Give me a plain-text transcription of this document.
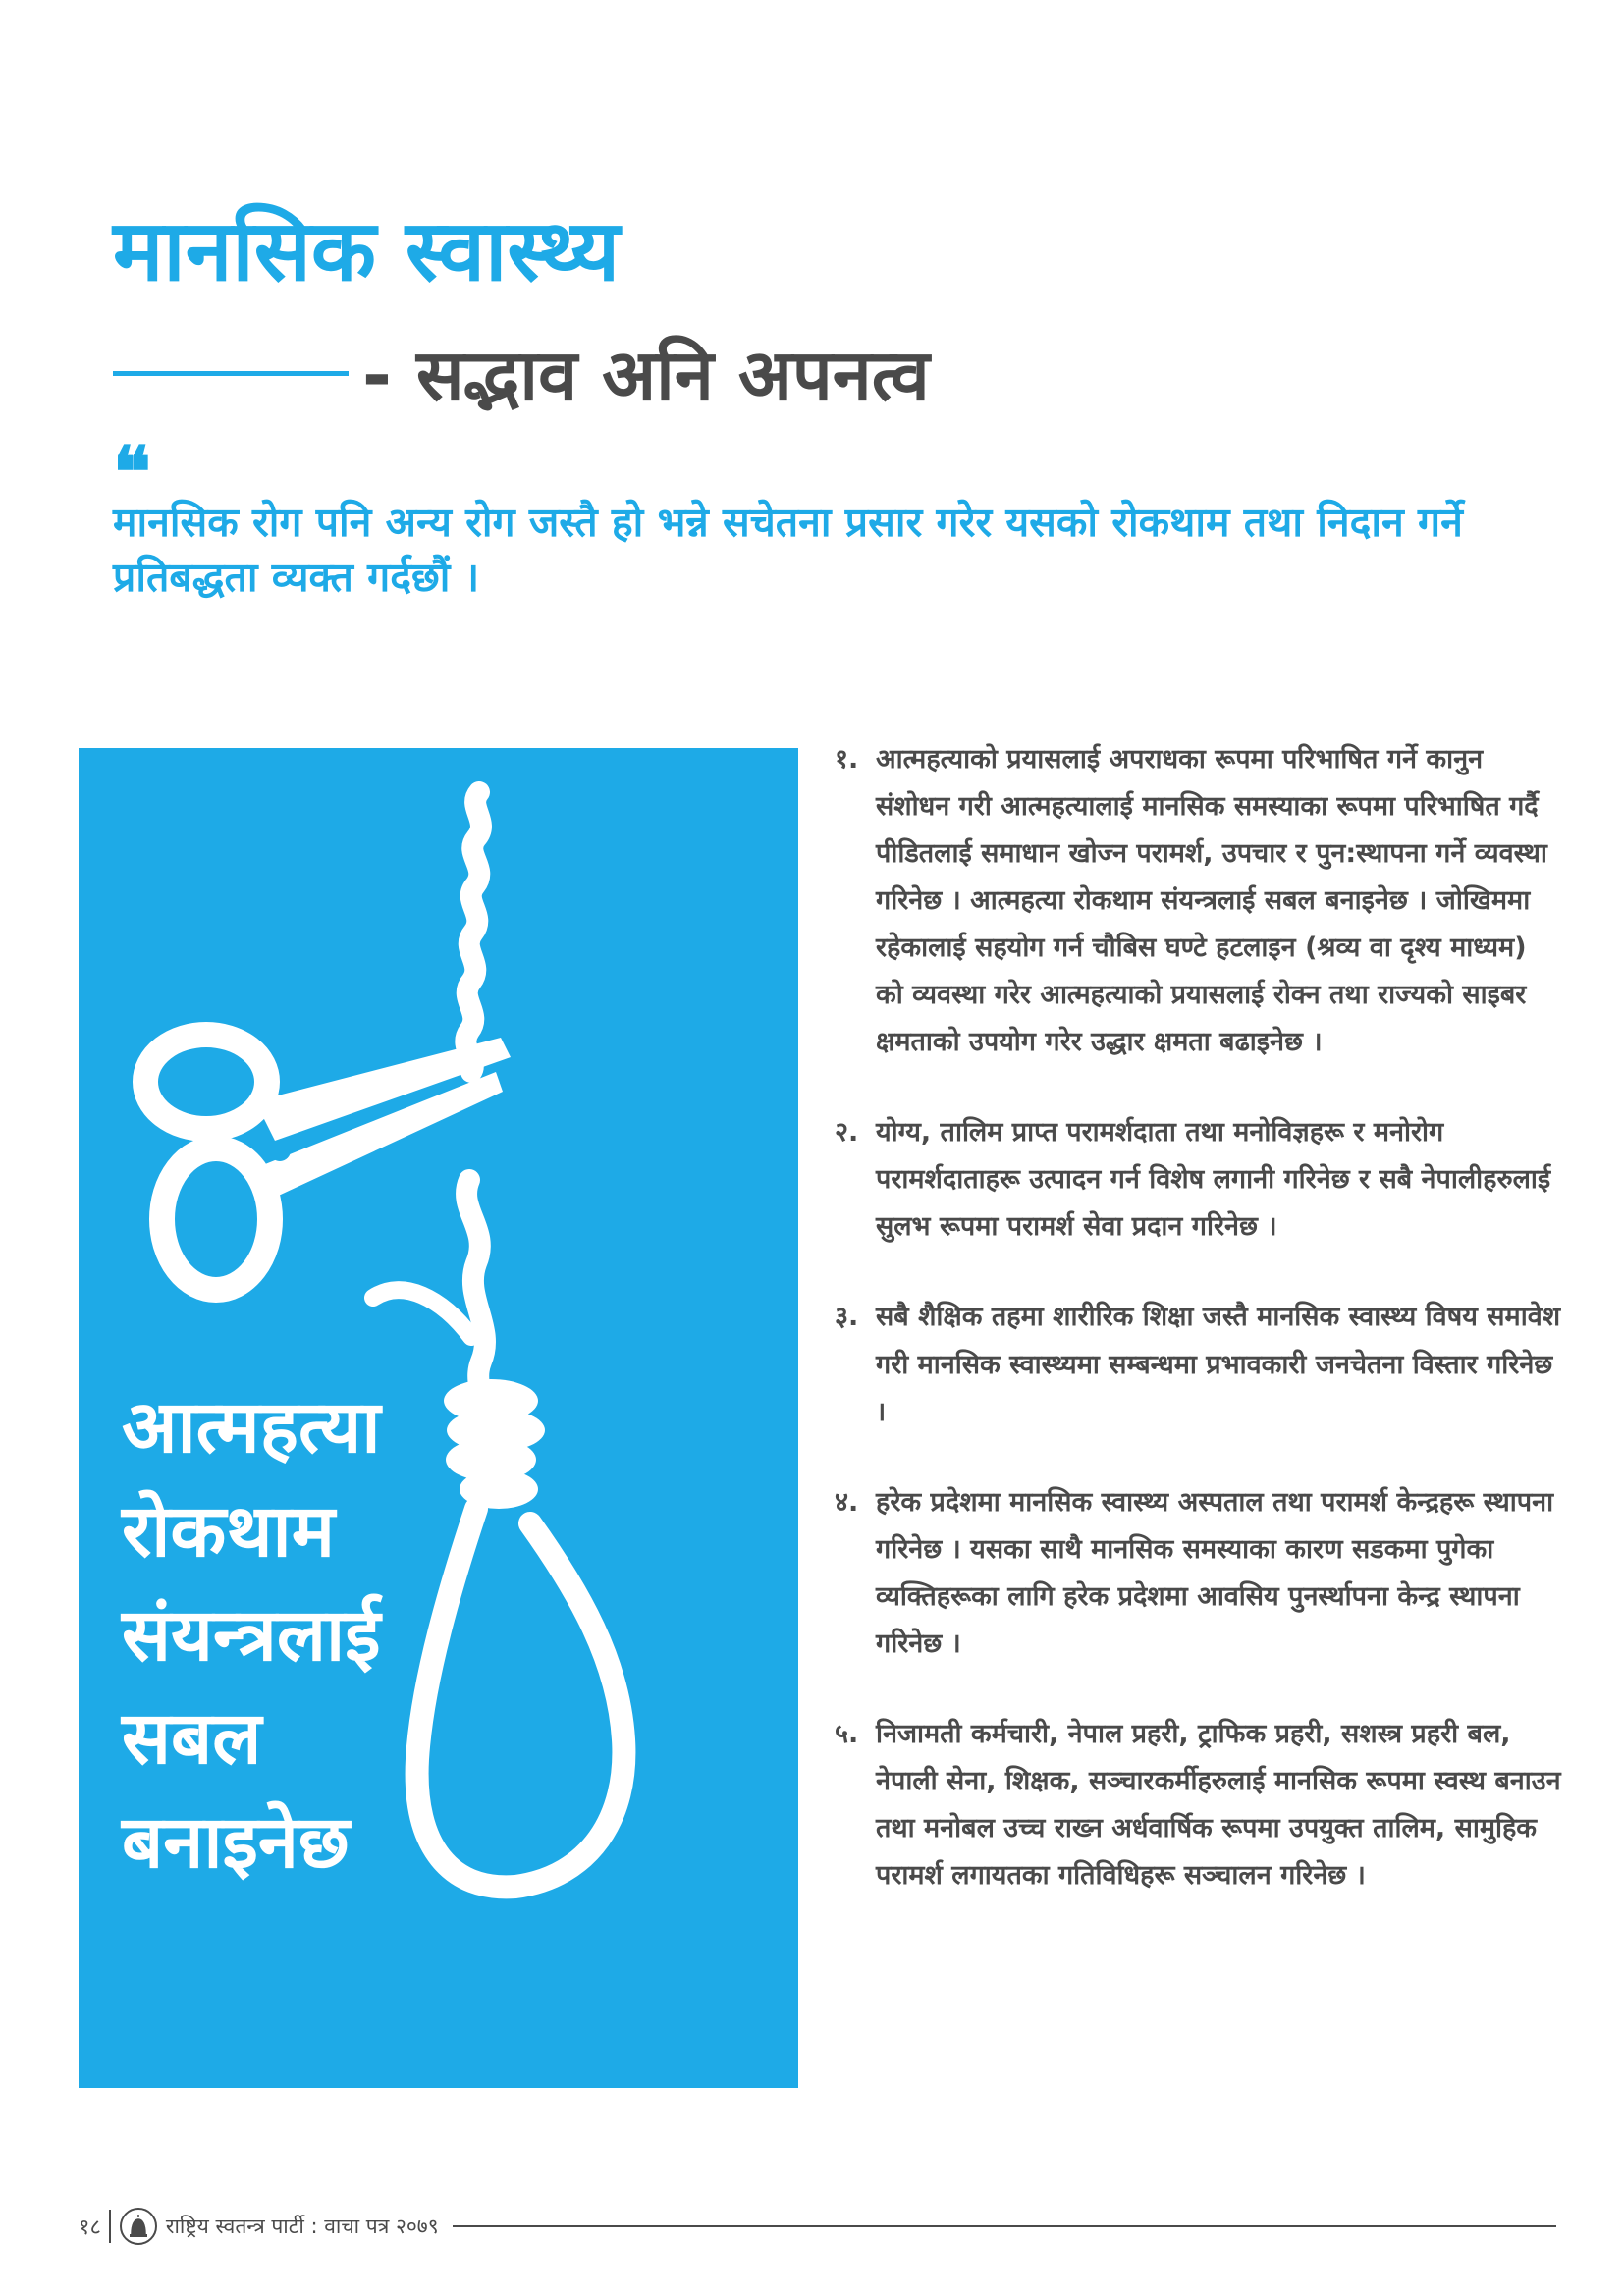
मानसिक स्वास्थ्य
- सद्भाव अनि अपनत्व
❝
मानसिक रोग पनि अन्य रोग जस्तै हो भन्ने सचेतना प्रसार गरेर यसको रोकथाम तथा निदान गर्ने प्रतिबद्धता व्यक्त गर्दछौं ।
आत्महत्या
रोकथाम
संयन्त्रलाई
सबल
बनाइनेछ
१. आत्महत्याको प्रयासलाई अपराधका रूपमा परिभाषित गर्ने कानुन संशोधन गरी आत्महत्यालाई मानसिक समस्याका रूपमा परिभाषित गर्दै पीडितलाई समाधान खोज्न परामर्श, उपचार र पुन:स्थापना गर्ने व्यवस्था गरिनेछ । आत्महत्या रोकथाम संयन्त्रलाई सबल बनाइनेछ । जोखिममा रहेकालाई सहयोग गर्न चौबिस घण्टे हटलाइन (श्रव्य वा दृश्य माध्यम) को व्यवस्था गरेर आत्महत्याको प्रयासलाई रोक्न तथा राज्यको साइबर क्षमताको उपयोग गरेर उद्धार क्षमता बढाइनेछ ।
२. योग्य, तालिम प्राप्त परामर्शदाता तथा मनोविज्ञहरू र मनोरोग परामर्शदाताहरू उत्पादन गर्न विशेष लगानी गरिनेछ र सबै नेपालीहरुलाई सुलभ रूपमा परामर्श सेवा प्रदान गरिनेछ ।
३. सबै शैक्षिक तहमा शारीरिक शिक्षा जस्तै मानसिक स्वास्थ्य विषय समावेश गरी मानसिक स्वास्थ्यमा सम्बन्धमा प्रभावकारी जनचेतना विस्तार गरिनेछ ।
४. हरेक प्रदेशमा मानसिक स्वास्थ्य अस्पताल तथा परामर्श केन्द्रहरू स्थापना गरिनेछ । यसका साथै मानसिक समस्याका कारण सडकमा पुगेका व्यक्तिहरूका लागि हरेक प्रदेशमा आवसिय पुनर्स्थापना केन्द्र स्थापना गरिनेछ ।
५. निजामती कर्मचारी, नेपाल प्रहरी, ट्राफिक प्रहरी, सशस्त्र प्रहरी बल, नेपाली सेना, शिक्षक, सञ्चारकर्मीहरुलाई मानसिक रूपमा स्वस्थ बनाउन तथा मनोबल उच्च राख्न अर्धवार्षिक रूपमा उपयुक्त तालिम, सामुहिक परामर्श लगायतका गतिविधिहरू सञ्चालन गरिनेछ ।
१८	राष्ट्रिय स्वतन्त्र पार्टी : वाचा पत्र २०७९
